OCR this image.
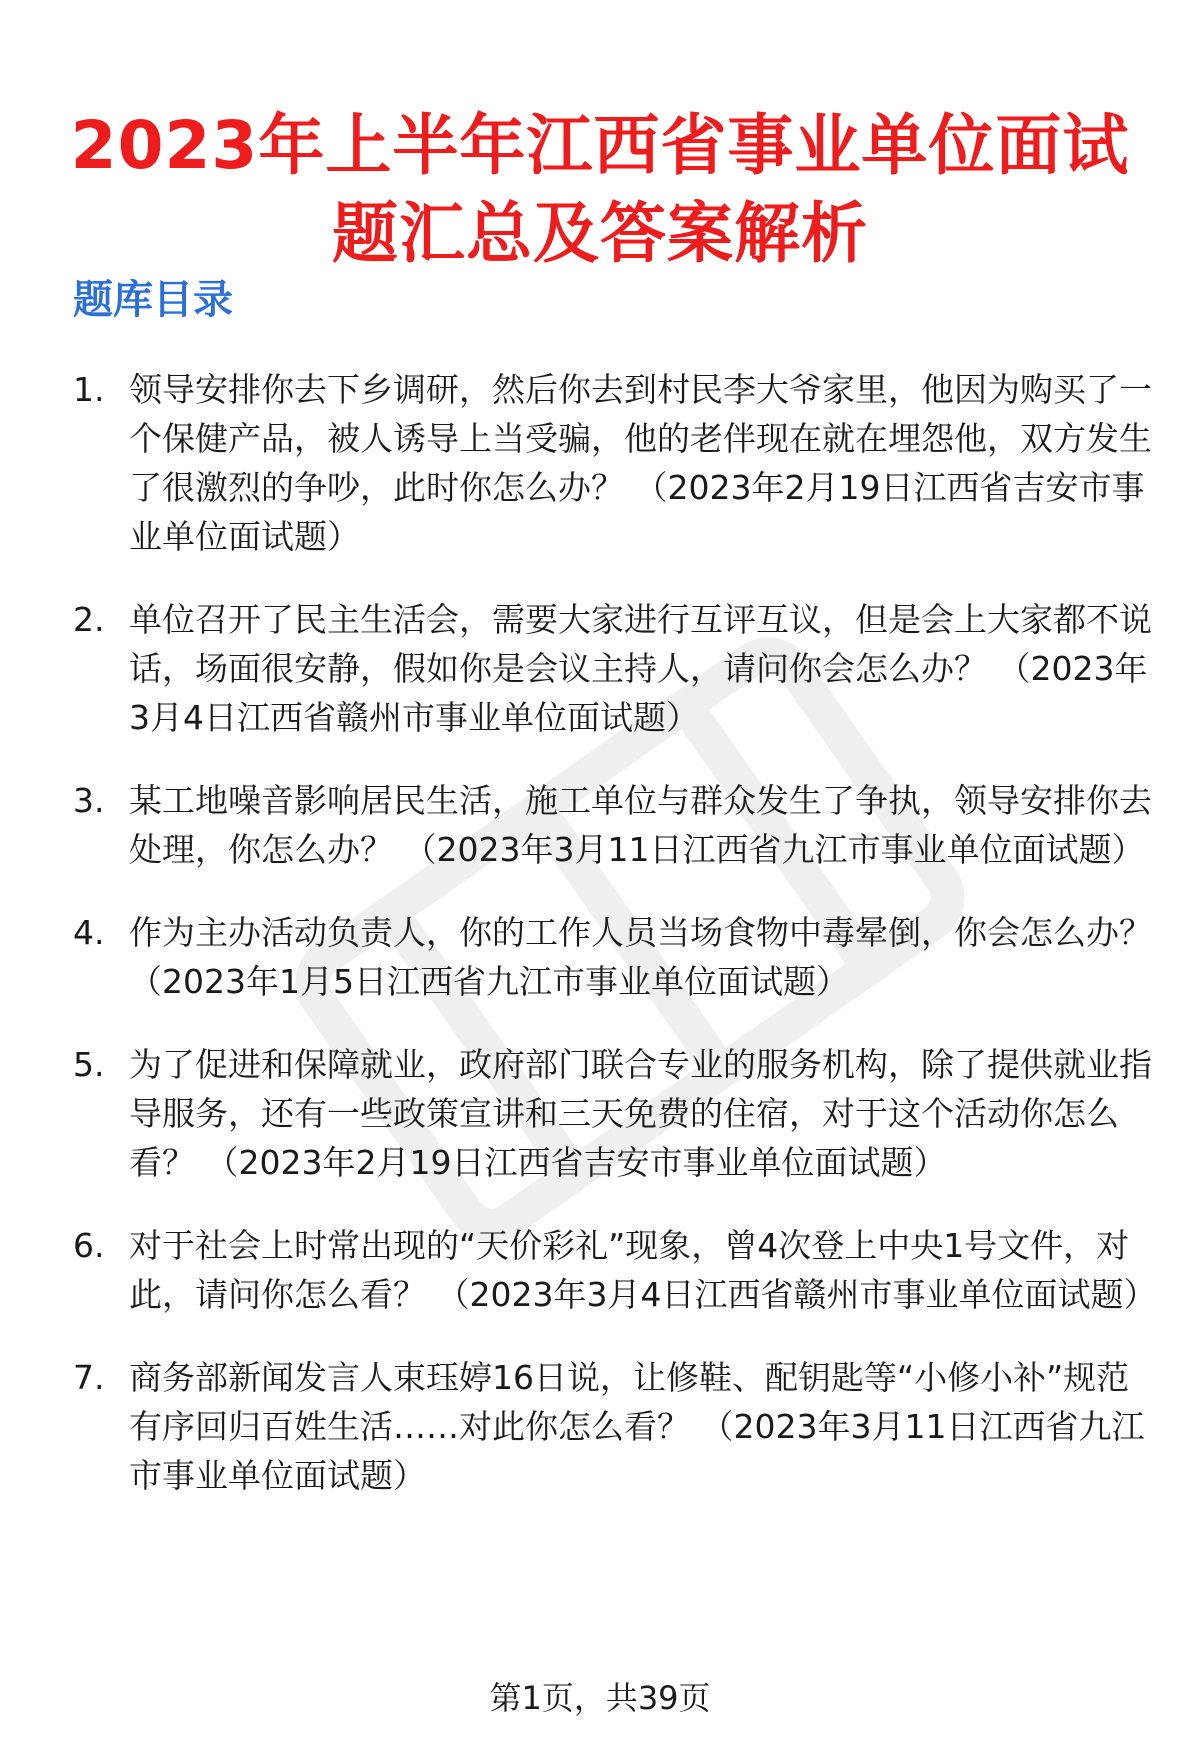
2023年上半年江西省事业单位面试
题汇总及答案解析
题库目录
1. 领导安排你去下乡调研，然后你去到村民李大爷家里，他因为购买了一个保健产品，被人诱导上当受骗，他的老伴现在就在埋怨他，双方发生了很激烈的争吵，此时你怎么办？ （2023年2月19日江西省吉安市事业单位面试题）
2. 单位召开了民主生活会，需要大家进行互评互议，但是会上大家都不说话，场面很安静，假如你是会议主持人，请问你会怎么办？ （2023年3月4日江西省赣州市事业单位面试题）
3. 某工地噪音影响居民生活，施工单位与群众发生了争执，领导安排你去处理，你怎么办？ （2023年3月11日江西省九江市事业单位面试题）
4. 作为主办活动负责人，你的工作人员当场食物中毒晕倒，你会怎么办？ （2023年1月5日江西省九江市事业单位面试题）
5. 为了促进和保障就业，政府部门联合专业的服务机构，除了提供就业指导服务，还有一些政策宣讲和三天免费的住宿，对于这个活动你怎么看？ （2023年2月19日江西省吉安市事业单位面试题）
6. 对于社会上时常出现的“天价彩礼”现象，曾4次登上中央1号文件，对此，请问你怎么看？ （2023年3月4日江西省赣州市事业单位面试题）
7. 商务部新闻发言人束珏婷16日说，让修鞋、配钥匙等“小修小补”规范有序回归百姓生活……对此你怎么看？ （2023年3月11日江西省九江市事业单位面试题）
第1页，共39页
